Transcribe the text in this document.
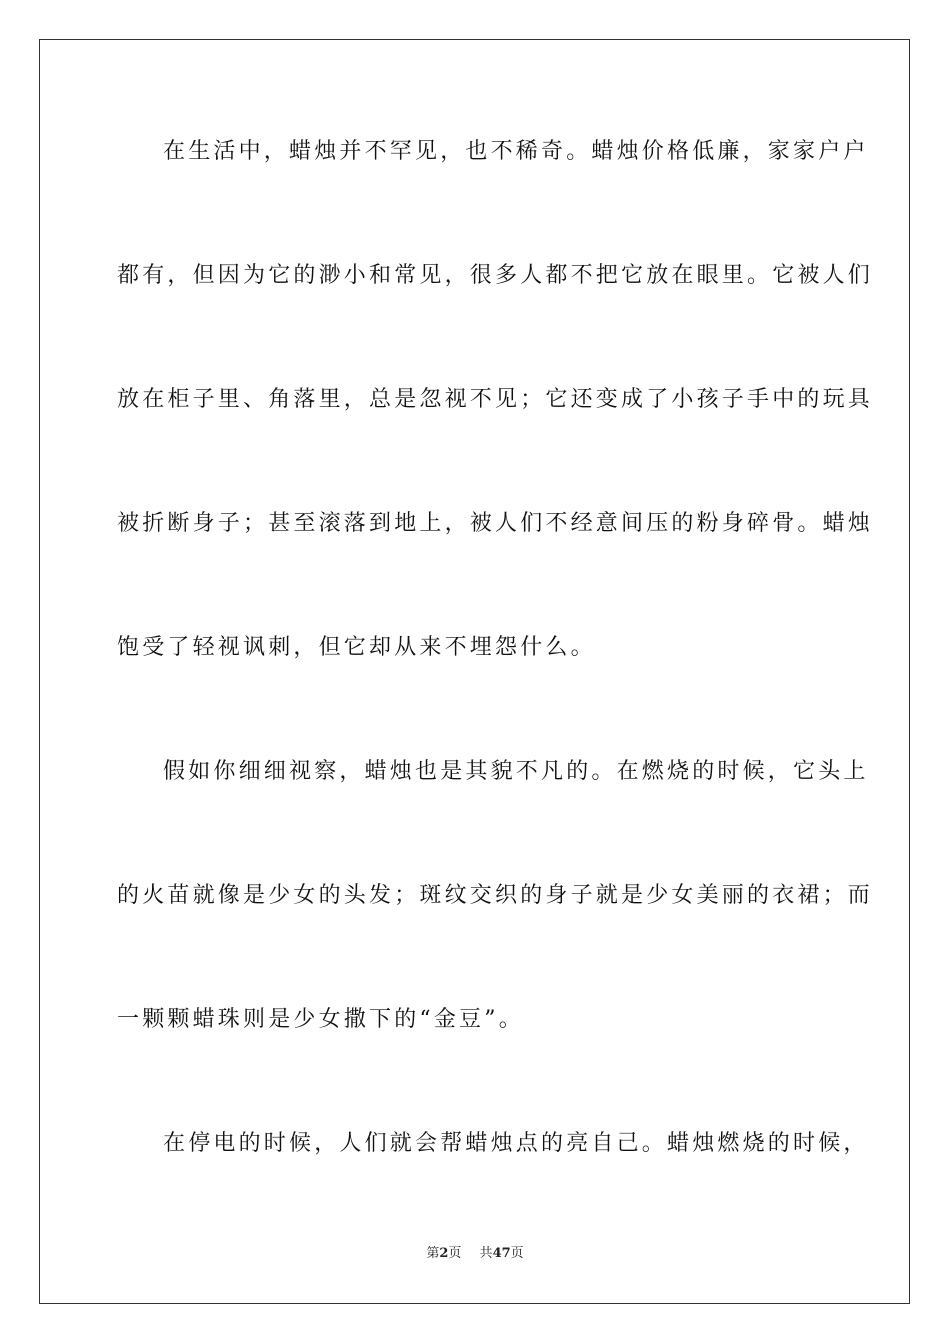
在生活中，蜡烛并不罕见，也不稀奇。蜡烛价格低廉，家家户户
都有，但因为它的渺小和常见，很多人都不把它放在眼里。它被人们
放在柜子里、角落里，总是忽视不见；它还变成了小孩子手中的玩具
被折断身子；甚至滚落到地上，被人们不经意间压的粉身碎骨。蜡烛
饱受了轻视讽刺，但它却从来不埋怨什么。
假如你细细视察，蜡烛也是其貌不凡的。在燃烧的时候，它头上
的火苗就像是少女的头发；斑纹交织的身子就是少女美丽的衣裙；而
一颗颗蜡珠则是少女撒下的“金豆”。
在停电的时候，人们就会帮蜡烛点的亮自己。蜡烛燃烧的时候，
第2页 共47页
